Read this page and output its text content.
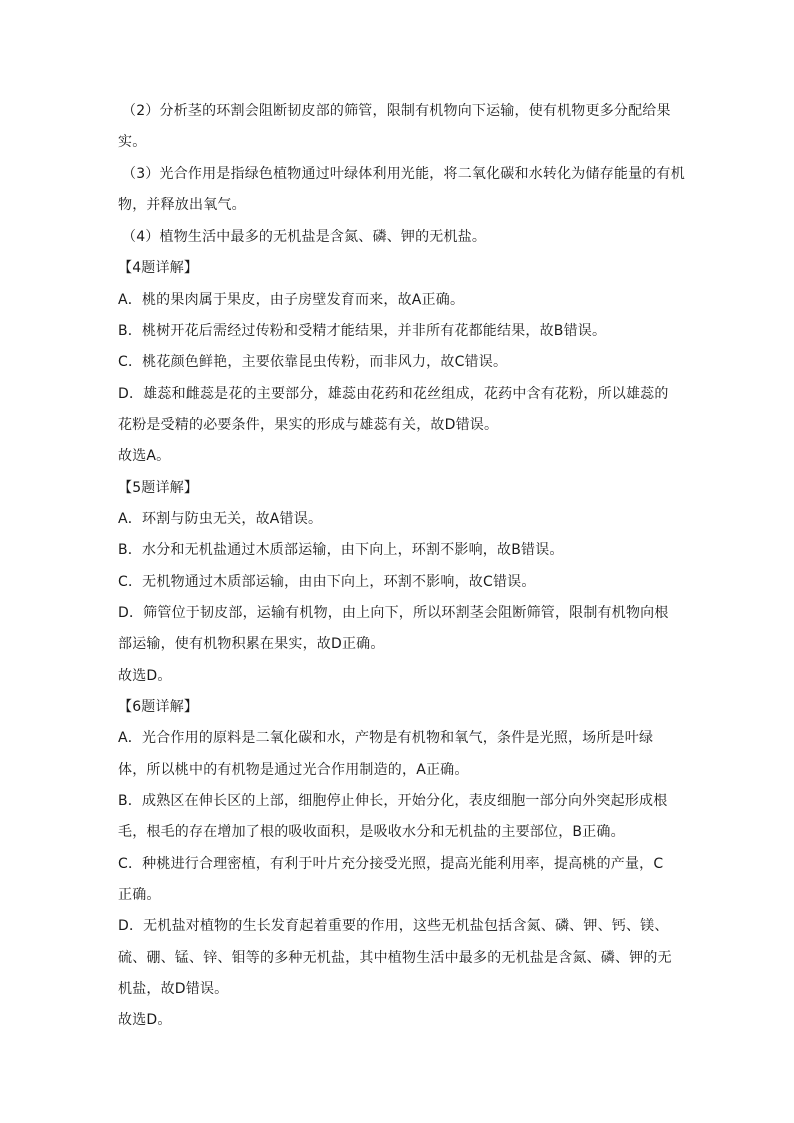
（2）分析茎的环割会阻断韧皮部的筛管，限制有机物向下运输，使有机物更多分配给果
实。
（3）光合作用是指绿色植物通过叶绿体利用光能，将二氧化碳和水转化为储存能量的有机
物，并释放出氧气。
（4）植物生活中最多的无机盐是含氮、磷、钾的无机盐。
【4题详解】
A．桃的果肉属于果皮，由子房壁发育而来，故A正确。
B．桃树开花后需经过传粉和受精才能结果，并非所有花都能结果，故B错误。
C．桃花颜色鲜艳，主要依靠昆虫传粉，而非风力，故C错误。
D．雄蕊和雌蕊是花的主要部分，雄蕊由花药和花丝组成，花药中含有花粉，所以雄蕊的
花粉是受精的必要条件，果实的形成与雄蕊有关，故D错误。
故选A。
【5题详解】
A．环割与防虫无关，故A错误。
B．水分和无机盐通过木质部运输，由下向上，环割不影响，故B错误。
C．无机物通过木质部运输，由由下向上，环割不影响，故C错误。
D．筛管位于韧皮部，运输有机物，由上向下，所以环割茎会阻断筛管，限制有机物向根
部运输，使有机物积累在果实，故D正确。
故选D。
【6题详解】
A．光合作用的原料是二氧化碳和水，产物是有机物和氧气，条件是光照，场所是叶绿
体，所以桃中的有机物是通过光合作用制造的，A正确。
B．成熟区在伸长区的上部，细胞停止伸长，开始分化，表皮细胞一部分向外突起形成根
毛，根毛的存在增加了根的吸收面积，是吸收水分和无机盐的主要部位，B正确。
C．种桃进行合理密植，有利于叶片充分接受光照，提高光能利用率，提高桃的产量，C
正确。
D．无机盐对植物的生长发育起着重要的作用，这些无机盐包括含氮、磷、钾、钙、镁、
硫、硼、锰、锌、钼等的多种无机盐，其中植物生活中最多的无机盐是含氮、磷、钾的无
机盐，故D错误。
故选D。
